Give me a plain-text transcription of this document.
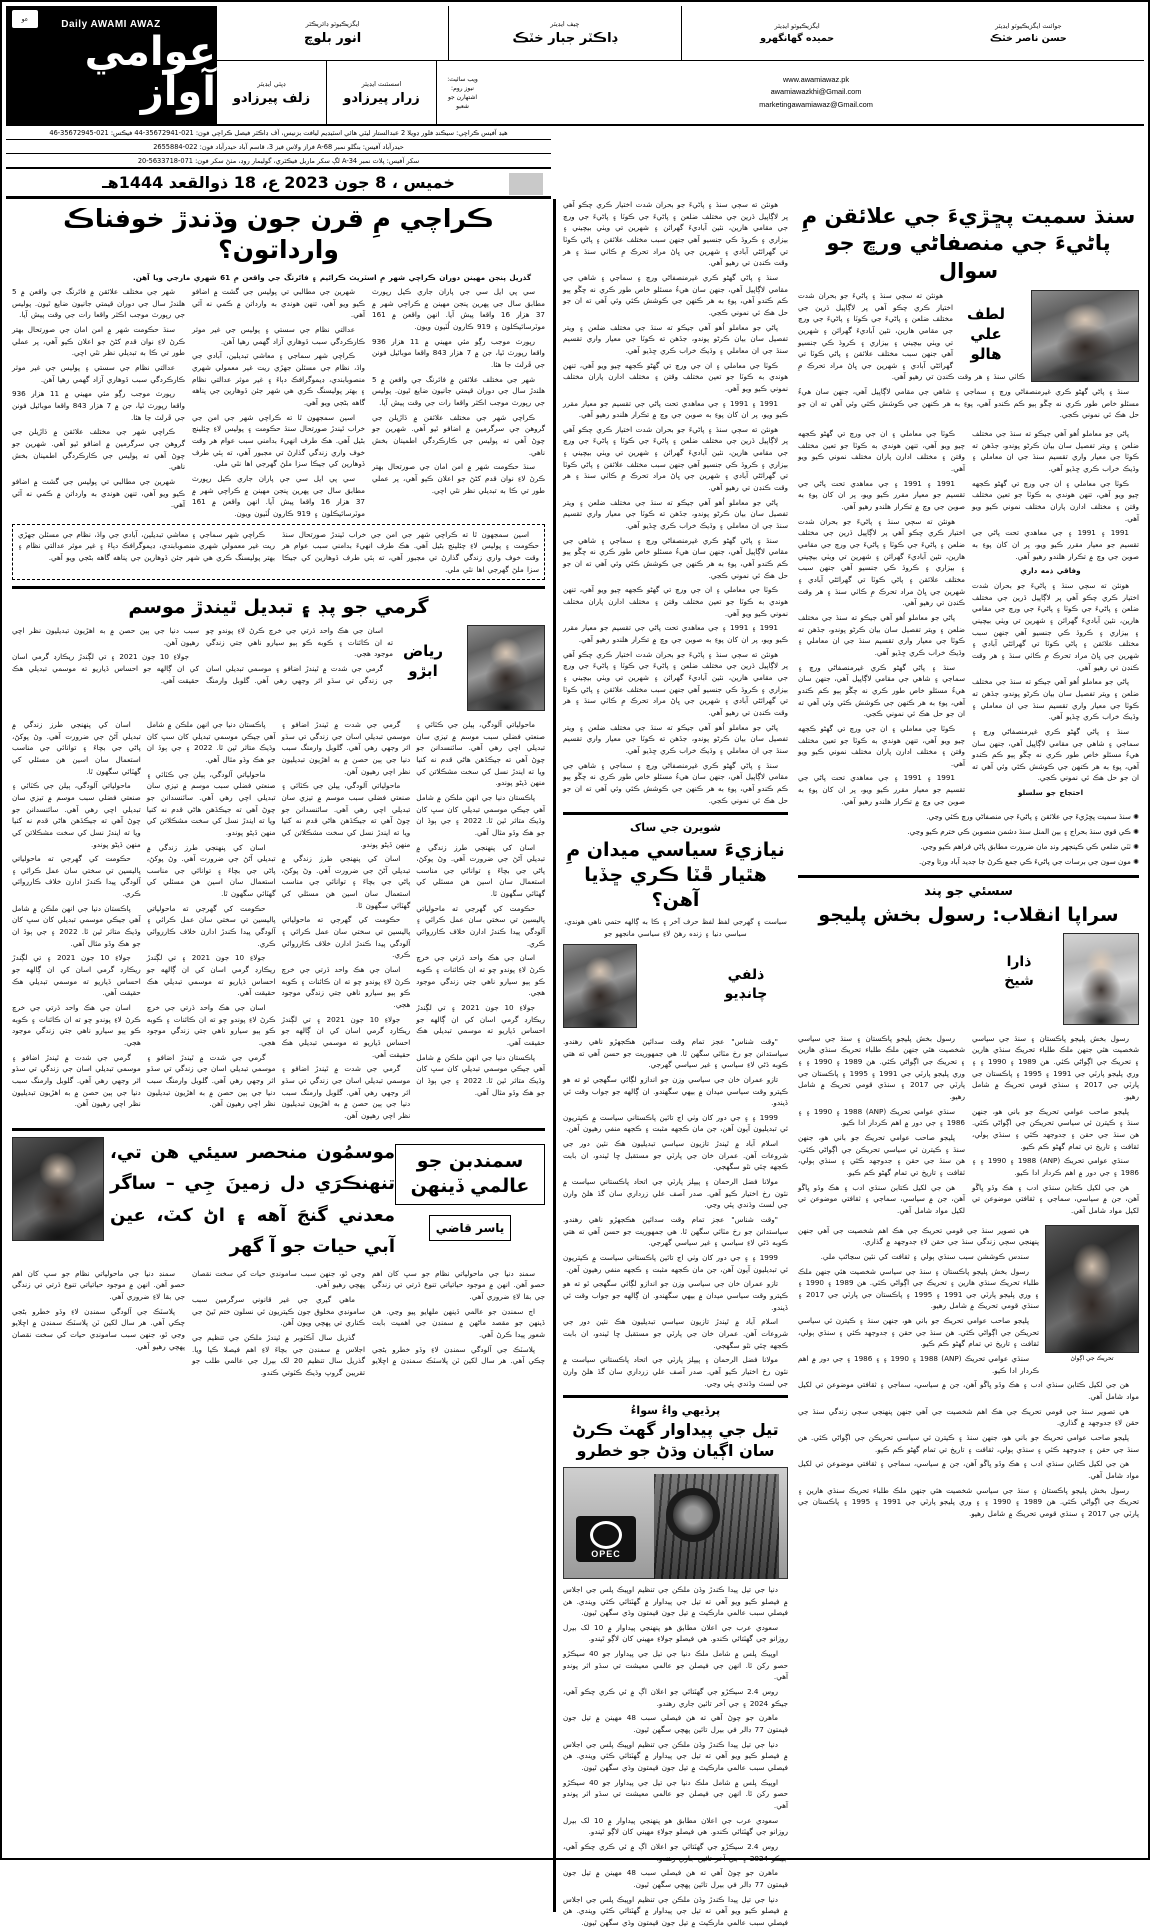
عو	Daily AWAMI AWAZ
عوامي آواز
ايگزيڪيوٽو ڊائريڪٽر
انور بلوچ
چيف ايڊيٽر
ڊاڪٽر جبار خٽڪ
ايگزيڪيوٽو ايڊيٽر
حميده گهانگهرو
جوائنٽ ايگزيڪيوٽو ايڊيٽر
حسن ناصر خٽڪ
ڊپٽي ايڊيٽر
زلف پيرزادو
اسسٽنٽ ايڊيٽر
زرار پيرزادو
ويب سائيٽ:
نيوز روم:
اشتهارن جو شعبو
www.awamiawaz.pk
awamiawazkhi@Gmail.com
marketingawamiawaz@Gmail.com
هيڊ آفيس ڪراچي: سيڪنڊ فلور ڊويلا 2 عبدالستار ليٽي هائي اسٽيڊيم ليافت بزنيس، آف ڊاڪٽر فيصل ڪراچي فون: 021-35672941-44 فيڪس: 021-35672945-46
حيدرآباد آفيس: بنگلو نمبر A-68 فراز ولاس فيز 3، قاسم آباد حيدرآباد فون: 022-2655884
سکر آفيس: پلاٽ نمبر A-34 لڳ سکر ماربل فيڪٽري، گوليمار روڊ، مٺڻ سکر فون: 071-5633718-20
خميس ، 8 جون 2023 ع، 18 ذوالقعد 1444هـ
ڪراچي مِ قرن جون وڌندڙ خوفناڪ وارداتون؟

گذريل پنجن مهينن دوران ڪراچي شهر مِ اسٽريٽ ڪرائيم ۽ فائرنگ جي واقعن مِ 61 شهري مارجي ويا آهن.

سي پي ايل سي جي پاران جاري ڪيل رپورٽ مطابق سال جي پهرين پنجن مهينن ۾ ڪراچي شهر ۾ 37 هزار 16 واقعا پيش آيا. انهن واقعن ۾ 161 موٽرسائيڪلون ۽ 919 ڪارون لُٽيون ويون.

رپورٽ موجب رڳو مئي مهيني ۾ 11 هزار 936 واقعا رپورٽ ٿيا، جن ۾ 7 هزار 843 واقعا موبائيل فونن جي ڦرلٽ جا هئا.

شهر جي مختلف علائقن ۾ فائرنگ جي واقعن ۾ 5 هلندڙ سال جي دوران قيمتي جانيون ضايع ٿيون. پوليس جي رپورٽ موجب اڪثر واقعا رات جي وقت پيش آيا.

ڪراچي شهر جي مختلف علائقن ۾ ڌاڙيلن جي گروهن جي سرگرمين ۾ اضافو ٿيو آهي. شهرين جو چوڻ آهي ته پوليس جي ڪارڪردگي اطمينان بخش ناهي.

سنڌ حڪومت شهر ۾ امن امان جي صورتحال بهتر ڪرڻ لاءِ نوان قدم کڻڻ جو اعلان ڪيو آهي، پر عملي طور تي ڪا به تبديلي نظر نٿي اچي.

شهرين جي مطالبي تي پوليس جي گشت ۾ اضافو ڪيو ويو آهي، تنهن هوندي به وارداتن ۾ ڪمي نه آئي آهي.

عدالتي نظام جي سستي ۽ پوليس جي غير موثر ڪارڪردگي سبب ڏوهاري آزاد گهمي رهيا آهن.

ڪراچي شهر سماجي ۽ معاشي تبديلين، آبادي جي واڌ، نظام جي مسئلن جهڙي ريت غير معمولي شهري منصوبابندي، ڊيموگرافڪ دٻاءَ ۽ غير موثر عدالتي نظام ۽ بهتر پوليسنگ ڪري هي شهر جئن ڏوهارين جي پناهه گاهه بڻجي ويو آهي.

اسين سمجهون ٿا ته ڪراچي شهر جي امن جي خراب ٿيندڙ صورتحال سنڌ حڪومت ۽ پوليس لاءِ چئلينج بڻيل آهي. هڪ طرف انهيءَ بدامني سبب عوام هر وقت خوف واري زندگي گذارڻ تي مجبور آهي، ته ٻئي طرف ڏوهارين کي جيڪا سزا ملڻ گهرجي اها نٿي ملي.

سي پي ايل سي جي پاران جاري ڪيل رپورٽ مطابق سال جي پهرين پنجن مهينن ۾ ڪراچي شهر ۾ 37 هزار 16 واقعا پيش آيا. انهن واقعن ۾ 161 موٽرسائيڪلون ۽ 919 ڪارون لُٽيون ويون.

شهر جي مختلف علائقن ۾ فائرنگ جي واقعن ۾ 5 هلندڙ سال جي دوران قيمتي جانيون ضايع ٿيون. پوليس جي رپورٽ موجب اڪثر واقعا رات جي وقت پيش آيا.

سنڌ حڪومت شهر ۾ امن امان جي صورتحال بهتر ڪرڻ لاءِ نوان قدم کڻڻ جو اعلان ڪيو آهي، پر عملي طور تي ڪا به تبديلي نظر نٿي اچي.

عدالتي نظام جي سستي ۽ پوليس جي غير موثر ڪارڪردگي سبب ڏوهاري آزاد گهمي رهيا آهن.

رپورٽ موجب رڳو مئي مهيني ۾ 11 هزار 936 واقعا رپورٽ ٿيا، جن ۾ 7 هزار 843 واقعا موبائيل فونن جي ڦرلٽ جا هئا.

ڪراچي شهر جي مختلف علائقن ۾ ڌاڙيلن جي گروهن جي سرگرمين ۾ اضافو ٿيو آهي. شهرين جو چوڻ آهي ته پوليس جي ڪارڪردگي اطمينان بخش ناهي.

شهرين جي مطالبي تي پوليس جي گشت ۾ اضافو ڪيو ويو آهي، تنهن هوندي به وارداتن ۾ ڪمي نه آئي آهي.

اسين سمجهون ٿا ته ڪراچي شهر جي امن جي خراب ٿيندڙ صورتحال سنڌ حڪومت ۽ پوليس لاءِ چئلينج بڻيل آهي. هڪ طرف انهيءَ بدامني سبب عوام هر وقت خوف واري زندگي گذارڻ تي مجبور آهي، ته ٻئي طرف ڏوهارين کي جيڪا سزا ملڻ گهرجي اها نٿي ملي.

ڪراچي شهر سماجي ۽ معاشي تبديلين، آبادي جي واڌ، نظام جي مسئلن جهڙي ريت غير معمولي شهري منصوبابندي، ڊيموگرافڪ دٻاءَ ۽ غير موثر عدالتي نظام ۽ بهتر پوليسنگ ڪري هي شهر جئن ڏوهارين جي پناهه گاهه بڻجي ويو آهي.

گرمي جو پڊ ۽ تبديل ٿيندڙ موسم
رياض ابڙو

اسان جي هڪ واحد ڌرتي جي خرچ ڪرڻ لاءِ پوندو چو ته ان ڪائنات ۽ ڪوبه ڪو ٻيو سيارو ناهي جتي زندگي موجود هجي.

گرمي جي شدت ۾ ٿيندڙ اضافو ۽ موسمي تبديلي اسان جي زندگي تي سڌو اثر وجهي رهي آهي. گلوبل وارمنگ سبب دنيا جي ٻين حصن ۾ به اهڙيون تبديليون نظر اچي رهيون آهن.

جولاءِ 10 جون 2021 ۽ تي لڳندڙ ريڪارڊ گرمي اسان کي ان ڳالهه جو احساس ڏياريو ته موسمي تبديلي هڪ حقيقت آهي.

ماحولياتي آلودگي، ٻيلن جي ڪٽائي ۽ صنعتي فضلي سبب موسم ۾ تيزي سان تبديلي اچي رهي آهي. سائنسدانن جو چوڻ آهي ته جيڪڏهن هاڻي قدم نه کنيا ويا ته ايندڙ نسل کي سخت مشڪلاتن کي منهن ڏيڻو پوندو.

پاڪستان دنيا جي انهن ملڪن ۾ شامل آهي جيڪي موسمي تبديلي کان سڀ کان وڌيڪ متاثر ٿين ٿا. 2022 ۽ جي ٻوڏ ان جو هڪ وڏو مثال آهي.

اسان کي پنهنجي طرز زندگي ۾ تبديلي آڻڻ جي ضرورت آهي. وڻ پوکڻ، پاڻي جي بچاءَ ۽ توانائي جي مناسب استعمال سان اسين هن مسئلي کي گهٽائي سگهون ٿا.

حڪومت کي گهرجي ته ماحولياتي پاليسين تي سختي سان عمل ڪرائي ۽ آلودگي پيدا ڪندڙ ادارن خلاف ڪارروائي ڪري.

اسان جي هڪ واحد ڌرتي جي خرچ ڪرڻ لاءِ پوندو چو ته ان ڪائنات ۽ ڪوبه ڪو ٻيو سيارو ناهي جتي زندگي موجود هجي.

جولاءِ 10 جون 2021 ۽ تي لڳندڙ ريڪارڊ گرمي اسان کي ان ڳالهه جو احساس ڏياريو ته موسمي تبديلي هڪ حقيقت آهي.

پاڪستان دنيا جي انهن ملڪن ۾ شامل آهي جيڪي موسمي تبديلي کان سڀ کان وڌيڪ متاثر ٿين ٿا. 2022 ۽ جي ٻوڏ ان جو هڪ وڏو مثال آهي.

گرمي جي شدت ۾ ٿيندڙ اضافو ۽ موسمي تبديلي اسان جي زندگي تي سڌو اثر وجهي رهي آهي. گلوبل وارمنگ سبب دنيا جي ٻين حصن ۾ به اهڙيون تبديليون نظر اچي رهيون آهن.

ماحولياتي آلودگي، ٻيلن جي ڪٽائي ۽ صنعتي فضلي سبب موسم ۾ تيزي سان تبديلي اچي رهي آهي. سائنسدانن جو چوڻ آهي ته جيڪڏهن هاڻي قدم نه کنيا ويا ته ايندڙ نسل کي سخت مشڪلاتن کي منهن ڏيڻو پوندو.

اسان کي پنهنجي طرز زندگي ۾ تبديلي آڻڻ جي ضرورت آهي. وڻ پوکڻ، پاڻي جي بچاءَ ۽ توانائي جي مناسب استعمال سان اسين هن مسئلي کي گهٽائي سگهون ٿا.

حڪومت کي گهرجي ته ماحولياتي پاليسين تي سختي سان عمل ڪرائي ۽ آلودگي پيدا ڪندڙ ادارن خلاف ڪارروائي ڪري.

اسان جي هڪ واحد ڌرتي جي خرچ ڪرڻ لاءِ پوندو چو ته ان ڪائنات ۽ ڪوبه ڪو ٻيو سيارو ناهي جتي زندگي موجود هجي.

جولاءِ 10 جون 2021 ۽ تي لڳندڙ ريڪارڊ گرمي اسان کي ان ڳالهه جو احساس ڏياريو ته موسمي تبديلي هڪ حقيقت آهي.

گرمي جي شدت ۾ ٿيندڙ اضافو ۽ موسمي تبديلي اسان جي زندگي تي سڌو اثر وجهي رهي آهي. گلوبل وارمنگ سبب دنيا جي ٻين حصن ۾ به اهڙيون تبديليون نظر اچي رهيون آهن.

پاڪستان دنيا جي انهن ملڪن ۾ شامل آهي جيڪي موسمي تبديلي کان سڀ کان وڌيڪ متاثر ٿين ٿا. 2022 ۽ جي ٻوڏ ان جو هڪ وڏو مثال آهي.

ماحولياتي آلودگي، ٻيلن جي ڪٽائي ۽ صنعتي فضلي سبب موسم ۾ تيزي سان تبديلي اچي رهي آهي. سائنسدانن جو چوڻ آهي ته جيڪڏهن هاڻي قدم نه کنيا ويا ته ايندڙ نسل کي سخت مشڪلاتن کي منهن ڏيڻو پوندو.

اسان کي پنهنجي طرز زندگي ۾ تبديلي آڻڻ جي ضرورت آهي. وڻ پوکڻ، پاڻي جي بچاءَ ۽ توانائي جي مناسب استعمال سان اسين هن مسئلي کي گهٽائي سگهون ٿا.

حڪومت کي گهرجي ته ماحولياتي پاليسين تي سختي سان عمل ڪرائي ۽ آلودگي پيدا ڪندڙ ادارن خلاف ڪارروائي ڪري.

جولاءِ 10 جون 2021 ۽ تي لڳندڙ ريڪارڊ گرمي اسان کي ان ڳالهه جو احساس ڏياريو ته موسمي تبديلي هڪ حقيقت آهي.

اسان جي هڪ واحد ڌرتي جي خرچ ڪرڻ لاءِ پوندو چو ته ان ڪائنات ۽ ڪوبه ڪو ٻيو سيارو ناهي جتي زندگي موجود هجي.

گرمي جي شدت ۾ ٿيندڙ اضافو ۽ موسمي تبديلي اسان جي زندگي تي سڌو اثر وجهي رهي آهي. گلوبل وارمنگ سبب دنيا جي ٻين حصن ۾ به اهڙيون تبديليون نظر اچي رهيون آهن.

اسان کي پنهنجي طرز زندگي ۾ تبديلي آڻڻ جي ضرورت آهي. وڻ پوکڻ، پاڻي جي بچاءَ ۽ توانائي جي مناسب استعمال سان اسين هن مسئلي کي گهٽائي سگهون ٿا.

ماحولياتي آلودگي، ٻيلن جي ڪٽائي ۽ صنعتي فضلي سبب موسم ۾ تيزي سان تبديلي اچي رهي آهي. سائنسدانن جو چوڻ آهي ته جيڪڏهن هاڻي قدم نه کنيا ويا ته ايندڙ نسل کي سخت مشڪلاتن کي منهن ڏيڻو پوندو.

حڪومت کي گهرجي ته ماحولياتي پاليسين تي سختي سان عمل ڪرائي ۽ آلودگي پيدا ڪندڙ ادارن خلاف ڪارروائي ڪري.

پاڪستان دنيا جي انهن ملڪن ۾ شامل آهي جيڪي موسمي تبديلي کان سڀ کان وڌيڪ متاثر ٿين ٿا. 2022 ۽ جي ٻوڏ ان جو هڪ وڏو مثال آهي.

جولاءِ 10 جون 2021 ۽ تي لڳندڙ ريڪارڊ گرمي اسان کي ان ڳالهه جو احساس ڏياريو ته موسمي تبديلي هڪ حقيقت آهي.

اسان جي هڪ واحد ڌرتي جي خرچ ڪرڻ لاءِ پوندو چو ته ان ڪائنات ۽ ڪوبه ڪو ٻيو سيارو ناهي جتي زندگي موجود هجي.

گرمي جي شدت ۾ ٿيندڙ اضافو ۽ موسمي تبديلي اسان جي زندگي تي سڌو اثر وجهي رهي آهي. گلوبل وارمنگ سبب دنيا جي ٻين حصن ۾ به اهڙيون تبديليون نظر اچي رهيون آهن.

سمندبن جو عالمي ڏينهن
ياسر قاضي
موسمُون منحصر سيئي هن تي، تنهنڪرَي دل زمينَ جِي – ساگر معدني گنجَ آهه ۽ اڻ کٽ، عين آبي حيات جو آ گهر

سمنڊ دنيا جي ماحولياتي نظام جو سڀ کان اهم حصو آهن. انهن ۾ موجود حياتياتي تنوع ڌرتي تي زندگي جي بقا لاءِ ضروري آهي.

اڄ سمنڊن جو عالمي ڏينهن ملهايو پيو وڃي. هن ڏينهن جو مقصد ماڻهن ۾ سمنڊن جي اهميت بابت شعور پيدا ڪرڻ آهي.

پلاسٽڪ جي آلودگي سمنڊن لاءِ وڏو خطرو بڻجي چڪي آهي. هر سال لکين ٽن پلاسٽڪ سمنڊن ۾ اڇلايو وڃي ٿو، جنهن سبب سامونڊي حيات کي سخت نقصان پهچي رهيو آهي.

ماهي گيري جي غير قانوني سرگرمين سبب سامونڊي مخلوق جون ڪيتريون ئي نسلون ختم ٿيڻ جي ڪناري تي پهچي ويون آهن.

گذريل سال آڪٽوبر ۾ ٿيندڙ ملڪن جي تنظيم جي اجلاس ۾ سمنڊن جي بچاءَ لاءِ اهم فيصلا ڪيا ويا. گذريل سال تنظيم 20 لک بيرل جي عالمي طلب جو تقريبن گروپ وڌيڪ ڪٽوتي ڪندو.

سمنڊ دنيا جي ماحولياتي نظام جو سڀ کان اهم حصو آهن. انهن ۾ موجود حياتياتي تنوع ڌرتي تي زندگي جي بقا لاءِ ضروري آهي.

پلاسٽڪ جي آلودگي سمنڊن لاءِ وڏو خطرو بڻجي چڪي آهي. هر سال لکين ٽن پلاسٽڪ سمنڊن ۾ اڇلايو وڃي ٿو، جنهن سبب سامونڊي حيات کي سخت نقصان پهچي رهيو آهي.

هونئن ته سڄي سنڌ ۽ پاڻيءَ جو بحران شدت اختيار ڪري چڪو آهي پر لاڳاپيل ڌرين جي مختلف ضلعن ۽ پاڻيءَ جي ڪوٽا ۽ پاڻيءَ جي ورڇ جي مقامي هارين، نئين آباديءَ گهرائن ۽ شهرين تي ويٺي بيچيني ۽ بيزاري ۽ ڪروڌ ڪي جنسيو آهي جنهن سبب مختلف علائقن ۽ پاڻي ڪوٽا تي گهرائڻي آبادي ۽ شهرين جي ڀاڻ مراد تحرڪ مِ ڪاٺي سنڌ ۽ هر وقت ڪنڊن تي رهيو آهي.

سنڌ ۽ پاڻي گهڻو ڪري غيرمنصفاڻي ورڇ ۽ سماجي ۽ شاهي جي مقامي لاڳاپيل آهي، جنهن سان هيءُ مسئلو خاص طور ڪري نه چڱو ٻيو ڪم ڪندو آهي، پوءِ به هر ڪنهن جي ڪوشش ڪئي وئي آهي ته ان جو حل هڪ ئي نموني ڪجي.

پاڻي جو معاملو اُهو آهي جيڪو ته سنڌ جي مختلف ضلعن ۽ ويتر تفصيل سان بيان ڪرڻو پوندو، جڏهن ته ڪوٽا جي معيار واري تقسيم سنڌ جي ان معاملي ۽ وڌيڪ خراب ڪري ڇڏيو آهي.

ڪوٽا جي معاملي ۽ ان جي ورڇ تي گهڻو ڪجهه چيو ويو آهي، تنهن هوندي به ڪوٽا جو تعين مختلف وقتن ۽ مختلف ادارن پاران مختلف نموني ڪيو ويو آهي.

1991 ۽ 1991 ۽ جي معاهدي تحت پاڻي جي تقسيم جو معيار مقرر ڪيو ويو، پر ان کان پوءِ به صوبن جي وچ ۾ تڪرار هلندو رهيو آهي.

هونئن ته سڄي سنڌ ۽ پاڻيءَ جو بحران شدت اختيار ڪري چڪو آهي پر لاڳاپيل ڌرين جي مختلف ضلعن ۽ پاڻيءَ جي ڪوٽا ۽ پاڻيءَ جي ورڇ جي مقامي هارين، نئين آباديءَ گهرائن ۽ شهرين تي ويٺي بيچيني ۽ بيزاري ۽ ڪروڌ ڪي جنسيو آهي جنهن سبب مختلف علائقن ۽ پاڻي ڪوٽا تي گهرائڻي آبادي ۽ شهرين جي ڀاڻ مراد تحرڪ مِ ڪاٺي سنڌ ۽ هر وقت ڪنڊن تي رهيو آهي.

پاڻي جو معاملو اُهو آهي جيڪو ته سنڌ جي مختلف ضلعن ۽ ويتر تفصيل سان بيان ڪرڻو پوندو، جڏهن ته ڪوٽا جي معيار واري تقسيم سنڌ جي ان معاملي ۽ وڌيڪ خراب ڪري ڇڏيو آهي.

سنڌ ۽ پاڻي گهڻو ڪري غيرمنصفاڻي ورڇ ۽ سماجي ۽ شاهي جي مقامي لاڳاپيل آهي، جنهن سان هيءُ مسئلو خاص طور ڪري نه چڱو ٻيو ڪم ڪندو آهي، پوءِ به هر ڪنهن جي ڪوشش ڪئي وئي آهي ته ان جو حل هڪ ئي نموني ڪجي.

ڪوٽا جي معاملي ۽ ان جي ورڇ تي گهڻو ڪجهه چيو ويو آهي، تنهن هوندي به ڪوٽا جو تعين مختلف وقتن ۽ مختلف ادارن پاران مختلف نموني ڪيو ويو آهي.

1991 ۽ 1991 ۽ جي معاهدي تحت پاڻي جي تقسيم جو معيار مقرر ڪيو ويو، پر ان کان پوءِ به صوبن جي وچ ۾ تڪرار هلندو رهيو آهي.

هونئن ته سڄي سنڌ ۽ پاڻيءَ جو بحران شدت اختيار ڪري چڪو آهي پر لاڳاپيل ڌرين جي مختلف ضلعن ۽ پاڻيءَ جي ڪوٽا ۽ پاڻيءَ جي ورڇ جي مقامي هارين، نئين آباديءَ گهرائن ۽ شهرين تي ويٺي بيچيني ۽ بيزاري ۽ ڪروڌ ڪي جنسيو آهي جنهن سبب مختلف علائقن ۽ پاڻي ڪوٽا تي گهرائڻي آبادي ۽ شهرين جي ڀاڻ مراد تحرڪ مِ ڪاٺي سنڌ ۽ هر وقت ڪنڊن تي رهيو آهي.

پاڻي جو معاملو اُهو آهي جيڪو ته سنڌ جي مختلف ضلعن ۽ ويتر تفصيل سان بيان ڪرڻو پوندو، جڏهن ته ڪوٽا جي معيار واري تقسيم سنڌ جي ان معاملي ۽ وڌيڪ خراب ڪري ڇڏيو آهي.

سنڌ ۽ پاڻي گهڻو ڪري غيرمنصفاڻي ورڇ ۽ سماجي ۽ شاهي جي مقامي لاڳاپيل آهي، جنهن سان هيءُ مسئلو خاص طور ڪري نه چڱو ٻيو ڪم ڪندو آهي، پوءِ به هر ڪنهن جي ڪوشش ڪئي وئي آهي ته ان جو حل هڪ ئي نموني ڪجي.

شويرن جي ساک
نيازيءَ سياسي ميدان مِ هٿيار ڦٽا ڪري ڇڏيا آهن؟
سياست ۽ گهرجي لفظ لفظ حرف آخر ۽ ڪا به ڳالهه حتمي ناهي هوندي، سياسي دنيا ۽ زنده رهڻ لاءِ سياسي مانجهو جو
ذلفي چانڊيو

"وقت شناس" عجز تمام وقت سدائين هڪجهڙو ناهي رهندو. سياستدانن جو رخ مٽائي سگهن ٿا. هي جمهوريت جو حسن آهي ته هتي ڪوبه ڌڻي لاءِ سياسي ۽ غير سياسي گهرجي.

تازو عمران خان جي سياسي وزن جو اندازو لڳائي سگهجي ٿو ته هو ڪيترو وقت سياسي ميدان ۾ بيهي سگهندو. ان ڳالهه جو جواب وقت ئي ڏيندو.

1999 ۽ ۽ جي دور کان وٺي اڄ تائين پاڪستاني سياست ۾ ڪيتريون ئي تبديليون آيون آهن، جن مان ڪجهه مثبت ۽ ڪجهه منفي رهيون آهن.

اسلام آباد ۾ ٿيندڙ تازيون سياسي تبديليون هڪ نئين دور جي شروعات آهن. عمران خان جي پارٽي جو مستقبل ڇا ٿيندو، ان بابت ڪجهه چئي نٿو سگهجي.

مولانا فضل الرحمان ۽ پيپلز پارٽي جي اتحاد پاڪستاني سياست ۾ نئون رخ اختيار ڪيو آهي. صدر آصف علي زرداري سان گڏ هلڻ وارن جي لسٽ وڌندي پئي وڃي.

"وقت شناس" عجز تمام وقت سدائين هڪجهڙو ناهي رهندو. سياستدانن جو رخ مٽائي سگهن ٿا. هي جمهوريت جو حسن آهي ته هتي ڪوبه ڌڻي لاءِ سياسي ۽ غير سياسي گهرجي.

1999 ۽ ۽ جي دور کان وٺي اڄ تائين پاڪستاني سياست ۾ ڪيتريون ئي تبديليون آيون آهن، جن مان ڪجهه مثبت ۽ ڪجهه منفي رهيون آهن.

تازو عمران خان جي سياسي وزن جو اندازو لڳائي سگهجي ٿو ته هو ڪيترو وقت سياسي ميدان ۾ بيهي سگهندو. ان ڳالهه جو جواب وقت ئي ڏيندو.

اسلام آباد ۾ ٿيندڙ تازيون سياسي تبديليون هڪ نئين دور جي شروعات آهن. عمران خان جي پارٽي جو مستقبل ڇا ٿيندو، ان بابت ڪجهه چئي نٿو سگهجي.

مولانا فضل الرحمان ۽ پيپلز پارٽي جي اتحاد پاڪستاني سياست ۾ نئون رخ اختيار ڪيو آهي. صدر آصف علي زرداري سان گڏ هلڻ وارن جي لسٽ وڌندي پئي وڃي.

پرڏيهي واءُ سواءُ
تيل جي پيداوار گهٽ ڪرڻ سان اڳيان وڌڻ جو خطرو
OPEC

دنيا جي تيل پيدا ڪندڙ وڏن ملڪن جي تنظيم اوپيڪ پلس جي اجلاس ۾ فيصلو ڪيو ويو آهي ته تيل جي پيداوار ۾ گهٽتائي ڪئي ويندي. هن فيصلي سبب عالمي مارڪيٽ ۾ تيل جون قيمتون وڌي سگهن ٿيون.

سعودي عرب جي اعلان مطابق هو پنهنجي پيداوار ۾ 10 لک بيرل روزانو جي گهٽتائي ڪندو. هي فيصلو جولاءِ مهيني کان لاڳو ٿيندو.

اوپيڪ پلس ۾ شامل ملڪ دنيا جي تيل جي پيداوار جو 40 سيڪڙو حصو رکن ٿا. انهن جي فيصلن جو عالمي معيشت تي سڌو اثر پوندو آهي.

روس 2.4 سيڪڙو جي گهٽتائي جو اعلان اڳ ۾ ئي ڪري چڪو آهي، جيڪو 2024 ۽ جي آخر تائين جاري رهندو.

ماهرن جو چوڻ آهي ته هن فيصلي سبب 48 مهينن ۾ تيل جون قيمتون 77 ڊالر في بيرل تائين پهچي سگهن ٿيون.

دنيا جي تيل پيدا ڪندڙ وڏن ملڪن جي تنظيم اوپيڪ پلس جي اجلاس ۾ فيصلو ڪيو ويو آهي ته تيل جي پيداوار ۾ گهٽتائي ڪئي ويندي. هن فيصلي سبب عالمي مارڪيٽ ۾ تيل جون قيمتون وڌي سگهن ٿيون.

اوپيڪ پلس ۾ شامل ملڪ دنيا جي تيل جي پيداوار جو 40 سيڪڙو حصو رکن ٿا. انهن جي فيصلن جو عالمي معيشت تي سڌو اثر پوندو آهي.

سعودي عرب جي اعلان مطابق هو پنهنجي پيداوار ۾ 10 لک بيرل روزانو جي گهٽتائي ڪندو. هي فيصلو جولاءِ مهيني کان لاڳو ٿيندو.

روس 2.4 سيڪڙو جي گهٽتائي جو اعلان اڳ ۾ ئي ڪري چڪو آهي، جيڪو 2024 ۽ جي آخر تائين جاري رهندو.

ماهرن جو چوڻ آهي ته هن فيصلي سبب 48 مهينن ۾ تيل جون قيمتون 77 ڊالر في بيرل تائين پهچي سگهن ٿيون.

دنيا جي تيل پيدا ڪندڙ وڏن ملڪن جي تنظيم اوپيڪ پلس جي اجلاس ۾ فيصلو ڪيو ويو آهي ته تيل جي پيداوار ۾ گهٽتائي ڪئي ويندي. هن فيصلي سبب عالمي مارڪيٽ ۾ تيل جون قيمتون وڌي سگهن ٿيون.

سنڌ سميت پڇڙيءَ جي علائقن مِ پاڻيءَ جي منصفاڻي ورڇ جو سوال
لطف علي هالو

هونئن ته سڄي سنڌ ۽ پاڻيءَ جو بحران شدت اختيار ڪري چڪو آهي پر لاڳاپيل ڌرين جي مختلف ضلعن ۽ پاڻيءَ جي ڪوٽا ۽ پاڻيءَ جي ورڇ جي مقامي هارين، نئين آباديءَ گهرائن ۽ شهرين تي ويٺي بيچيني ۽ بيزاري ۽ ڪروڌ ڪي جنسيو آهي جنهن سبب مختلف علائقن ۽ پاڻي ڪوٽا تي گهرائڻي آبادي ۽ شهرين جي ڀاڻ مراد تحرڪ مِ ڪاٺي سنڌ ۽ هر وقت ڪنڊن تي رهيو آهي.

سنڌ ۽ پاڻي گهڻو ڪري غيرمنصفاڻي ورڇ ۽ سماجي ۽ شاهي جي مقامي لاڳاپيل آهي، جنهن سان هيءُ مسئلو خاص طور ڪري نه چڱو ٻيو ڪم ڪندو آهي، پوءِ به هر ڪنهن جي ڪوشش ڪئي وئي آهي ته ان جو حل هڪ ئي نموني ڪجي.

پاڻي جو معاملو اُهو آهي جيڪو ته سنڌ جي مختلف ضلعن ۽ ويتر تفصيل سان بيان ڪرڻو پوندو، جڏهن ته ڪوٽا جي معيار واري تقسيم سنڌ جي ان معاملي ۽ وڌيڪ خراب ڪري ڇڏيو آهي.

ڪوٽا جي معاملي ۽ ان جي ورڇ تي گهڻو ڪجهه چيو ويو آهي، تنهن هوندي به ڪوٽا جو تعين مختلف وقتن ۽ مختلف ادارن پاران مختلف نموني ڪيو ويو آهي.

1991 ۽ 1991 ۽ جي معاهدي تحت پاڻي جي تقسيم جو معيار مقرر ڪيو ويو، پر ان کان پوءِ به صوبن جي وچ ۾ تڪرار هلندو رهيو آهي.

وفاقي ذمه داري

هونئن ته سڄي سنڌ ۽ پاڻيءَ جو بحران شدت اختيار ڪري چڪو آهي پر لاڳاپيل ڌرين جي مختلف ضلعن ۽ پاڻيءَ جي ڪوٽا ۽ پاڻيءَ جي ورڇ جي مقامي هارين، نئين آباديءَ گهرائن ۽ شهرين تي ويٺي بيچيني ۽ بيزاري ۽ ڪروڌ ڪي جنسيو آهي جنهن سبب مختلف علائقن ۽ پاڻي ڪوٽا تي گهرائڻي آبادي ۽ شهرين جي ڀاڻ مراد تحرڪ مِ ڪاٺي سنڌ ۽ هر وقت ڪنڊن تي رهيو آهي.

پاڻي جو معاملو اُهو آهي جيڪو ته سنڌ جي مختلف ضلعن ۽ ويتر تفصيل سان بيان ڪرڻو پوندو، جڏهن ته ڪوٽا جي معيار واري تقسيم سنڌ جي ان معاملي ۽ وڌيڪ خراب ڪري ڇڏيو آهي.

سنڌ ۽ پاڻي گهڻو ڪري غيرمنصفاڻي ورڇ ۽ سماجي ۽ شاهي جي مقامي لاڳاپيل آهي، جنهن سان هيءُ مسئلو خاص طور ڪري نه چڱو ٻيو ڪم ڪندو آهي، پوءِ به هر ڪنهن جي ڪوشش ڪئي وئي آهي ته ان جو حل هڪ ئي نموني ڪجي.

احتجاج جو سلسلو

ڪوٽا جي معاملي ۽ ان جي ورڇ تي گهڻو ڪجهه چيو ويو آهي، تنهن هوندي به ڪوٽا جو تعين مختلف وقتن ۽ مختلف ادارن پاران مختلف نموني ڪيو ويو آهي.

1991 ۽ 1991 ۽ جي معاهدي تحت پاڻي جي تقسيم جو معيار مقرر ڪيو ويو، پر ان کان پوءِ به صوبن جي وچ ۾ تڪرار هلندو رهيو آهي.

هونئن ته سڄي سنڌ ۽ پاڻيءَ جو بحران شدت اختيار ڪري چڪو آهي پر لاڳاپيل ڌرين جي مختلف ضلعن ۽ پاڻيءَ جي ڪوٽا ۽ پاڻيءَ جي ورڇ جي مقامي هارين، نئين آباديءَ گهرائن ۽ شهرين تي ويٺي بيچيني ۽ بيزاري ۽ ڪروڌ ڪي جنسيو آهي جنهن سبب مختلف علائقن ۽ پاڻي ڪوٽا تي گهرائڻي آبادي ۽ شهرين جي ڀاڻ مراد تحرڪ مِ ڪاٺي سنڌ ۽ هر وقت ڪنڊن تي رهيو آهي.

پاڻي جو معاملو اُهو آهي جيڪو ته سنڌ جي مختلف ضلعن ۽ ويتر تفصيل سان بيان ڪرڻو پوندو، جڏهن ته ڪوٽا جي معيار واري تقسيم سنڌ جي ان معاملي ۽ وڌيڪ خراب ڪري ڇڏيو آهي.

سنڌ ۽ پاڻي گهڻو ڪري غيرمنصفاڻي ورڇ ۽ سماجي ۽ شاهي جي مقامي لاڳاپيل آهي، جنهن سان هيءُ مسئلو خاص طور ڪري نه چڱو ٻيو ڪم ڪندو آهي، پوءِ به هر ڪنهن جي ڪوشش ڪئي وئي آهي ته ان جو حل هڪ ئي نموني ڪجي.

ڪوٽا جي معاملي ۽ ان جي ورڇ تي گهڻو ڪجهه چيو ويو آهي، تنهن هوندي به ڪوٽا جو تعين مختلف وقتن ۽ مختلف ادارن پاران مختلف نموني ڪيو ويو آهي.

1991 ۽ 1991 ۽ جي معاهدي تحت پاڻي جي تقسيم جو معيار مقرر ڪيو ويو، پر ان کان پوءِ به صوبن جي وچ ۾ تڪرار هلندو رهيو آهي.

✺ سنڌ سميت پڇڙيءَ جي علائقن ۽ پاڻيءَ جي منصفاڻي ورڇ ڪئي وڃي.
✺ ڪي قوي سنڌ بحراج ۽ بين المنل سنڌ دشمن منصوبن ڪي خترم ڪيو وڃي.
✺ ٺٽي ضلعي ڪي ڪينجهر ونڊ مان ضرورت مطابق پاڻي فراهم ڪيو وڃي.
✺ مون سون جي برسات جي پاڻيءَ ڪي جمع ڪرڻ جا جديد آباد ورتا وڃن.
سسئي جو پند
سراپا انقلاب: رسول بخش پليجو
ذارا
شيخ

رسول بخش پليجو پاڪستان ۽ سنڌ جي سياسي شخصيت هئي جنهن ملڪ طلباء تحريڪ سنڌي هارين ۽ تحريڪ جي اڳواڻي ڪئي. هن 1989 ۽ 1990 ۽ ۽ وري پليجو پارٽي جي 1991 ۽ 1995 ۽ پاڪستان جي پارٽي جي 2017 ۽ سنڌي قومي تحريڪ ۾ شامل رهيو.

پليجو صاحب عوامي تحريڪ جو باني هو، جنهن سنڌ ۽ ڪيترن ئي سياسي تحريڪن جي اڳواڻي ڪئي. هن سنڌ جي حقن ۽ جدوجهد ڪئي ۽ سنڌي ٻولي، ثقافت ۽ تاريخ تي تمام گهڻو ڪم ڪيو.

سنڌي عوامي تحريڪ (ANP) 1988 ۽ 1990 ۽ ۽ 1986 ۽ جي دور ۾ اهم ڪردار ادا ڪيو.

هن جي لکيل ڪتابن سنڌي ادب ۽ هڪ وڏو ڀاڱو آهن، جن ۾ سياسي، سماجي ۽ ثقافتي موضوعن تي لکيل مواد شامل آهي.

رسول بخش پليجو پاڪستان ۽ سنڌ جي سياسي شخصيت هئي جنهن ملڪ طلباء تحريڪ سنڌي هارين ۽ تحريڪ جي اڳواڻي ڪئي. هن 1989 ۽ 1990 ۽ ۽ وري پليجو پارٽي جي 1991 ۽ 1995 ۽ پاڪستان جي پارٽي جي 2017 ۽ سنڌي قومي تحريڪ ۾ شامل رهيو.

سنڌي عوامي تحريڪ (ANP) 1988 ۽ 1990 ۽ ۽ 1986 ۽ جي دور ۾ اهم ڪردار ادا ڪيو.

پليجو صاحب عوامي تحريڪ جو باني هو، جنهن سنڌ ۽ ڪيترن ئي سياسي تحريڪن جي اڳواڻي ڪئي. هن سنڌ جي حقن ۽ جدوجهد ڪئي ۽ سنڌي ٻولي، ثقافت ۽ تاريخ تي تمام گهڻو ڪم ڪيو.

هن جي لکيل ڪتابن سنڌي ادب ۽ هڪ وڏو ڀاڱو آهن، جن ۾ سياسي، سماجي ۽ ثقافتي موضوعن تي لکيل مواد شامل آهي.

تحريڪ جي اڳواڻ

هي تصوير سنڌ جي قومي تحريڪ جي هڪ اهم شخصيت جي آهي جنهن پنهنجي سڄي زندگي سنڌ جي حقن لاءِ جدوجهد ۾ گذاري.

سندس ڪوششن سبب سنڌي ٻولي ۽ ثقافت کي نئين سڃاڻپ ملي.

رسول بخش پليجو پاڪستان ۽ سنڌ جي سياسي شخصيت هئي جنهن ملڪ طلباء تحريڪ سنڌي هارين ۽ تحريڪ جي اڳواڻي ڪئي. هن 1989 ۽ 1990 ۽ ۽ وري پليجو پارٽي جي 1991 ۽ 1995 ۽ پاڪستان جي پارٽي جي 2017 ۽ سنڌي قومي تحريڪ ۾ شامل رهيو.

پليجو صاحب عوامي تحريڪ جو باني هو، جنهن سنڌ ۽ ڪيترن ئي سياسي تحريڪن جي اڳواڻي ڪئي. هن سنڌ جي حقن ۽ جدوجهد ڪئي ۽ سنڌي ٻولي، ثقافت ۽ تاريخ تي تمام گهڻو ڪم ڪيو.

سنڌي عوامي تحريڪ (ANP) 1988 ۽ 1990 ۽ ۽ 1986 ۽ جي دور ۾ اهم ڪردار ادا ڪيو.

هن جي لکيل ڪتابن سنڌي ادب ۽ هڪ وڏو ڀاڱو آهن، جن ۾ سياسي، سماجي ۽ ثقافتي موضوعن تي لکيل مواد شامل آهي.

هي تصوير سنڌ جي قومي تحريڪ جي هڪ اهم شخصيت جي آهي جنهن پنهنجي سڄي زندگي سنڌ جي حقن لاءِ جدوجهد ۾ گذاري.

پليجو صاحب عوامي تحريڪ جو باني هو، جنهن سنڌ ۽ ڪيترن ئي سياسي تحريڪن جي اڳواڻي ڪئي. هن سنڌ جي حقن ۽ جدوجهد ڪئي ۽ سنڌي ٻولي، ثقافت ۽ تاريخ تي تمام گهڻو ڪم ڪيو.

هن جي لکيل ڪتابن سنڌي ادب ۽ هڪ وڏو ڀاڱو آهن، جن ۾ سياسي، سماجي ۽ ثقافتي موضوعن تي لکيل مواد شامل آهي.

رسول بخش پليجو پاڪستان ۽ سنڌ جي سياسي شخصيت هئي جنهن ملڪ طلباء تحريڪ سنڌي هارين ۽ تحريڪ جي اڳواڻي ڪئي. هن 1989 ۽ 1990 ۽ ۽ وري پليجو پارٽي جي 1991 ۽ 1995 ۽ پاڪستان جي پارٽي جي 2017 ۽ سنڌي قومي تحريڪ ۾ شامل رهيو.
